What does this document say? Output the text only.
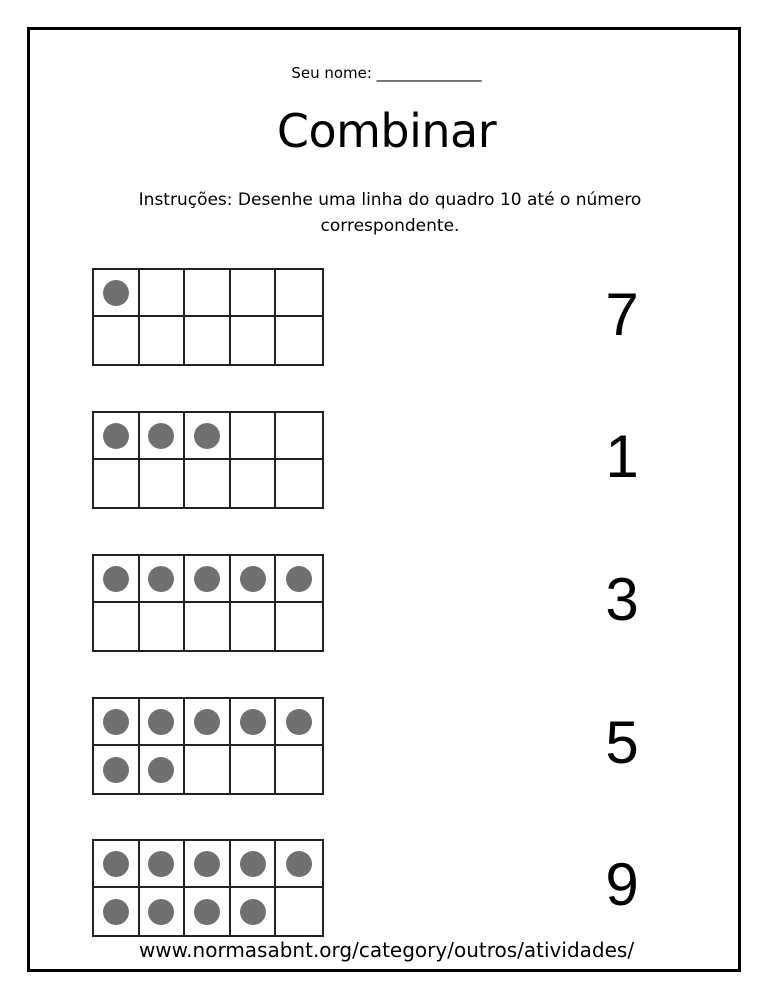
Seu nome: ______________
Combinar
Instruções: Desenhe uma linha do quadro 10 até o número correspondente.
7
1
3
5
9
www.normasabnt.org/category/outros/atividades/
